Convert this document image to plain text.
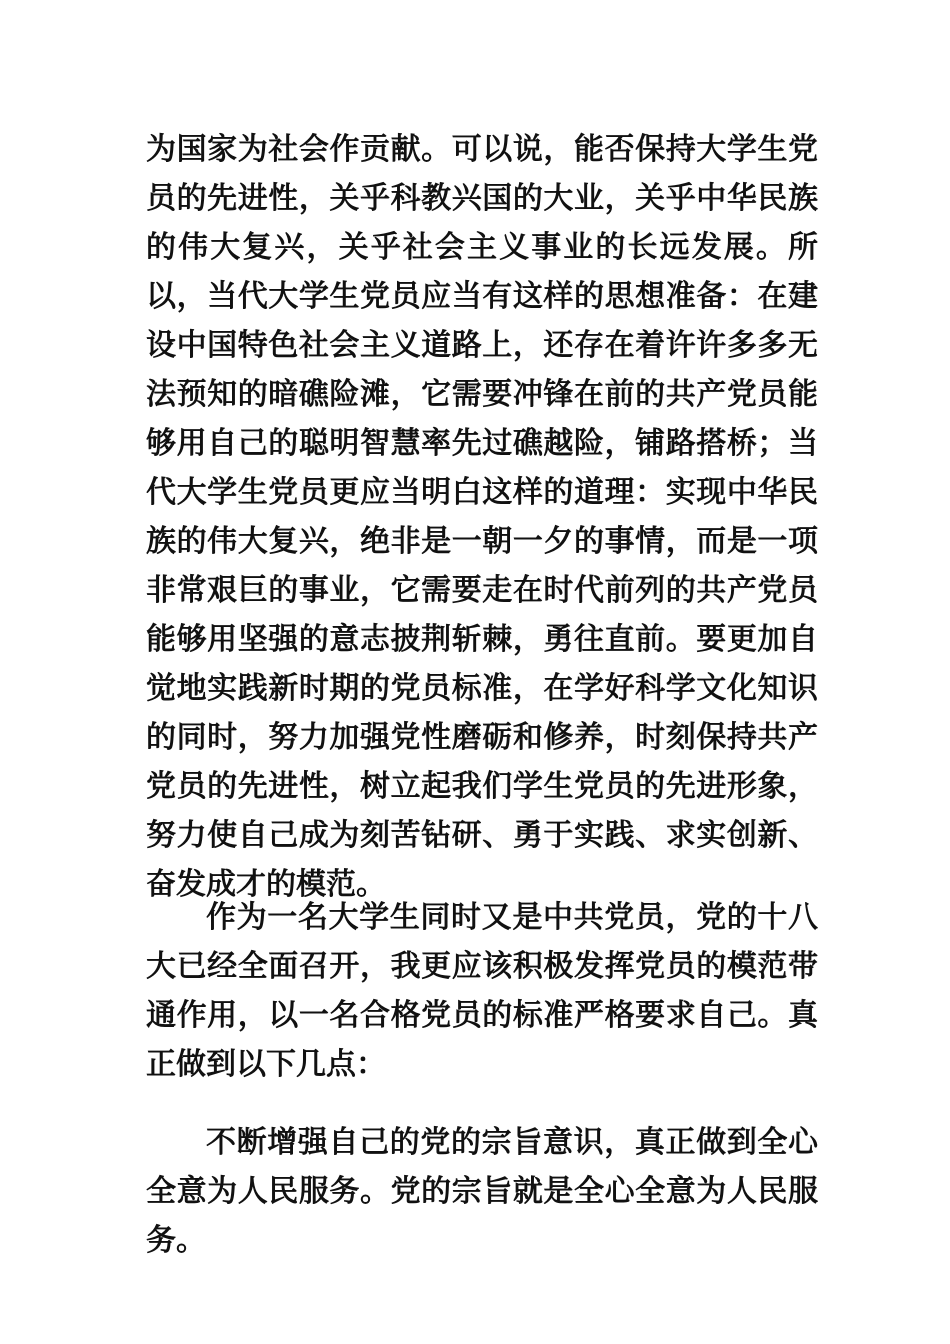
为国家为社会作贡献。可以说，能否保持大学生党员的先进性，关乎科教兴国的大业，关乎中华民族的伟大复兴，关乎社会主义事业的长远发展。所以，当代大学生党员应当有这样的思想准备：在建设中国特色社会主义道路上，还存在着许许多多无法预知的暗礁险滩，它需要冲锋在前的共产党员能够用自己的聪明智慧率先过礁越险，铺路搭桥；当代大学生党员更应当明白这样的道理：实现中华民族的伟大复兴，绝非是一朝一夕的事情，而是一项非常艰巨的事业，它需要走在时代前列的共产党员能够用坚强的意志披荆斩棘，勇往直前。要更加自觉地实践新时期的党员标准，在学好科学文化知识的同时，努力加强党性磨砺和修养，时刻保持共产党员的先进性，树立起我们学生党员的先进形象，努力使自己成为刻苦钻研、勇于实践、求实创新、奋发成才的模范。

作为一名大学生同时又是中共党员，党的十八大已经全面召开，我更应该积极发挥党员的模范带通作用，以一名合格党员的标准严格要求自己。真正做到以下几点：

不断增强自己的党的宗旨意识，真正做到全心全意为人民服务。党的宗旨就是全心全意为人民服务。
